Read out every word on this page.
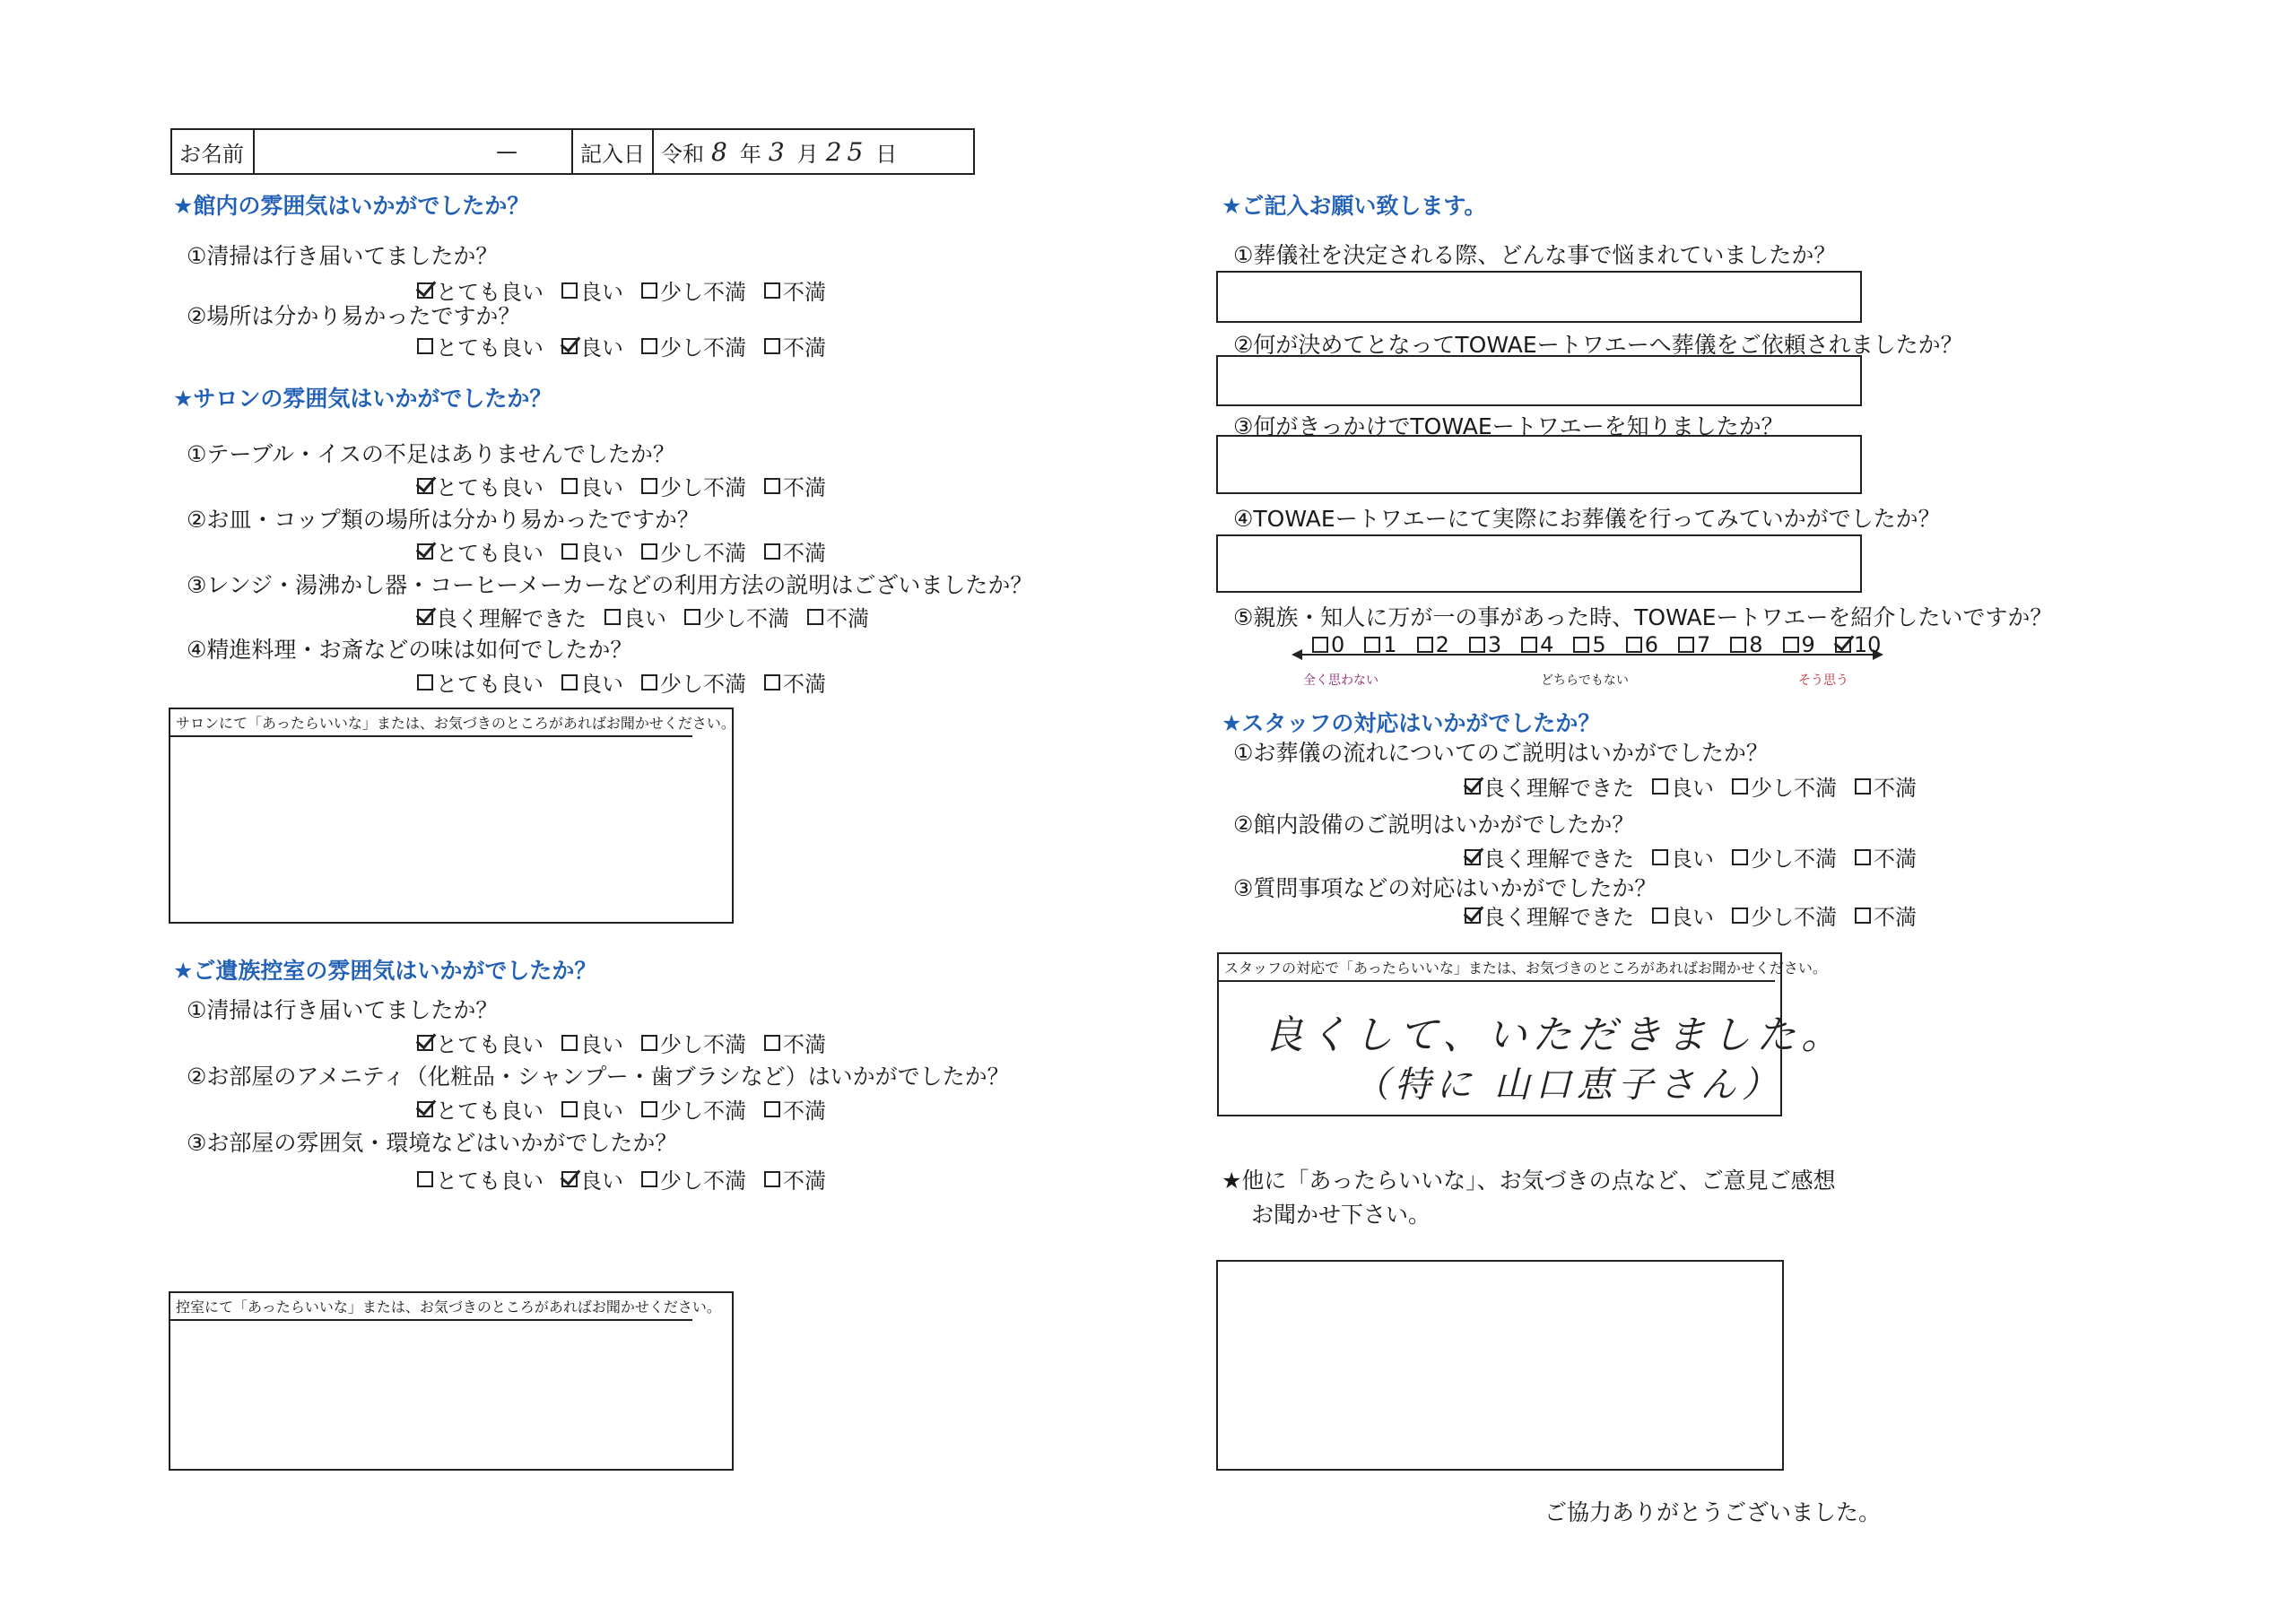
お名前	—	記入日 令和 8 年 3 月 25 日
★館内の雰囲気はいかがでしたか？
①清掃は行き届いてましたか？
とても良い 良い 少し不満 不満
②場所は分かり易かったですか？
とても良い 良い 少し不満 不満
★サロンの雰囲気はいかがでしたか？
①テーブル・イスの不足はありませんでしたか？
とても良い 良い 少し不満 不満
②お皿・コップ類の場所は分かり易かったですか？
とても良い 良い 少し不満 不満
③レンジ・湯沸かし器・コーヒーメーカーなどの利用方法の説明はございましたか？
良く理解できた 良い 少し不満 不満
④精進料理・お斎などの味は如何でしたか？
とても良い 良い 少し不満 不満
サロンにて「あったらいいな」または、お気づきのところがあればお聞かせください。
★ご遺族控室の雰囲気はいかがでしたか？
①清掃は行き届いてましたか？
とても良い 良い 少し不満 不満
②お部屋のアメニティ（化粧品・シャンプー・歯ブラシなど）はいかがでしたか？
とても良い 良い 少し不満 不満
③お部屋の雰囲気・環境などはいかがでしたか？
とても良い 良い 少し不満 不満
控室にて「あったらいいな」または、お気づきのところがあればお聞かせください。
★ご記入お願い致します。
①葬儀社を決定される際、どんな事で悩まれていましたか？
②何が決めてとなってTOWAEートワエーへ葬儀をご依頼されましたか？
③何がきっかけでTOWAEートワエーを知りましたか？
④TOWAEートワエーにて実際にお葬儀を行ってみていかがでしたか？
⑤親族・知人に万が一の事があった時、TOWAEートワエーを紹介したいですか？
0 1 2 3 4 5 6 7 8 9 10
全く思わない	どちらでもない	そう思う
★スタッフの対応はいかがでしたか？
①お葬儀の流れについてのご説明はいかがでしたか？
良く理解できた 良い 少し不満 不満
②館内設備のご説明はいかがでしたか？
良く理解できた 良い 少し不満 不満
③質問事項などの対応はいかがでしたか？
良く理解できた 良い 少し不満 不満
スタッフの対応で「あったらいいな」または、お気づきのところがあればお聞かせください。
良くして、いただきました。
（特に 山口恵子さん）
★他に「あったらいいな」、お気づきの点など、ご意見ご感想
お聞かせ下さい。
ご協力ありがとうございました。
